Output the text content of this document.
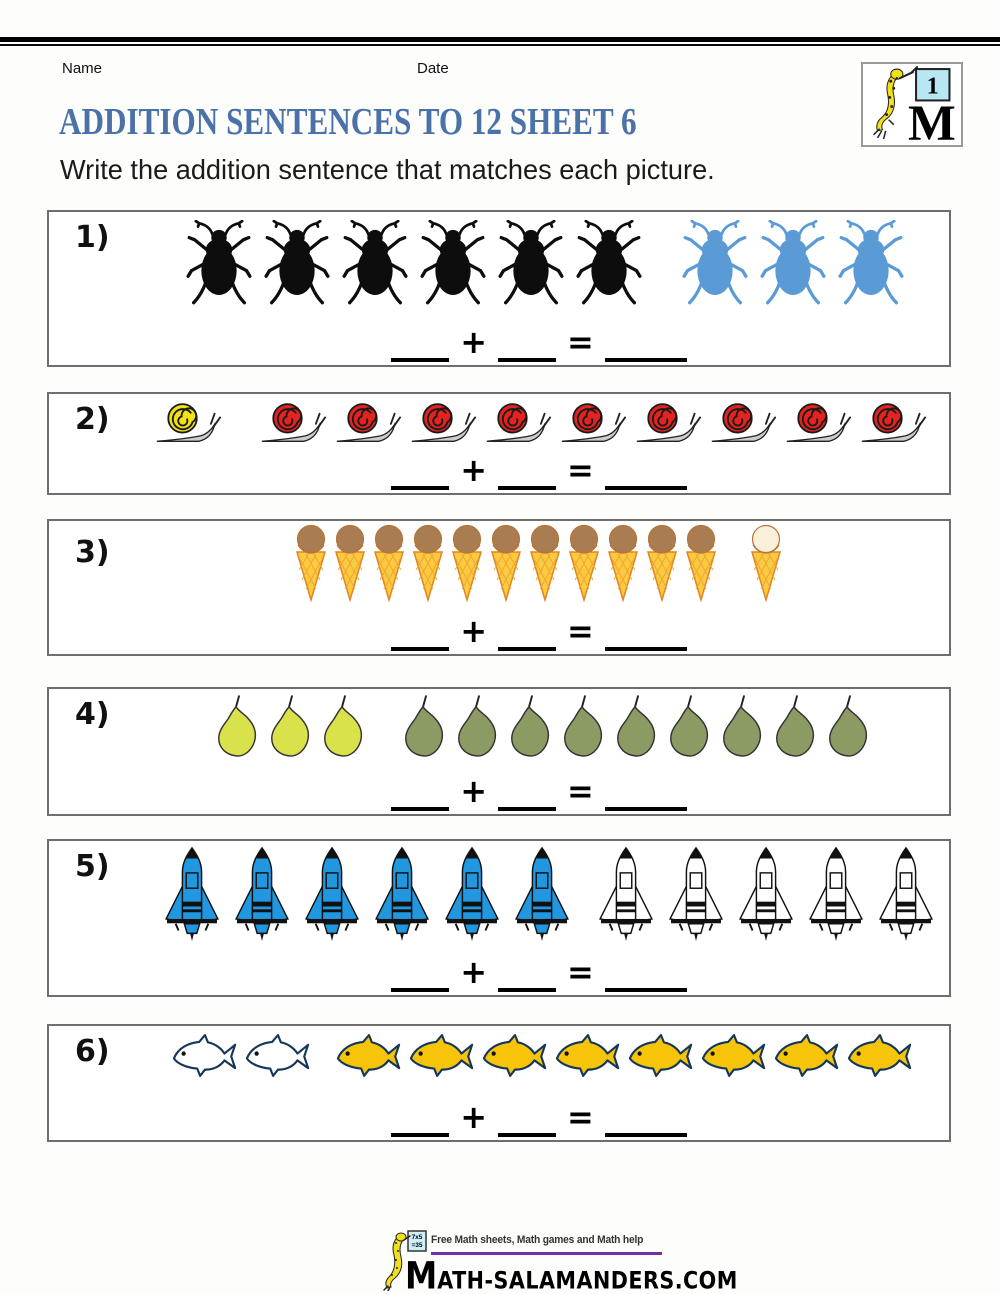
Name	Date
1
M
ADDITION SENTENCES TO 12 SHEET 6
Write the addition sentence that matches each picture.
1)
+	=
2)
+	=
3)
+	=
4)
+	=
5)
+	=
6)
+	=
7x5
=35 Free Math sheets, Math games and Math help
MATH-SALAMANDERS.COM
